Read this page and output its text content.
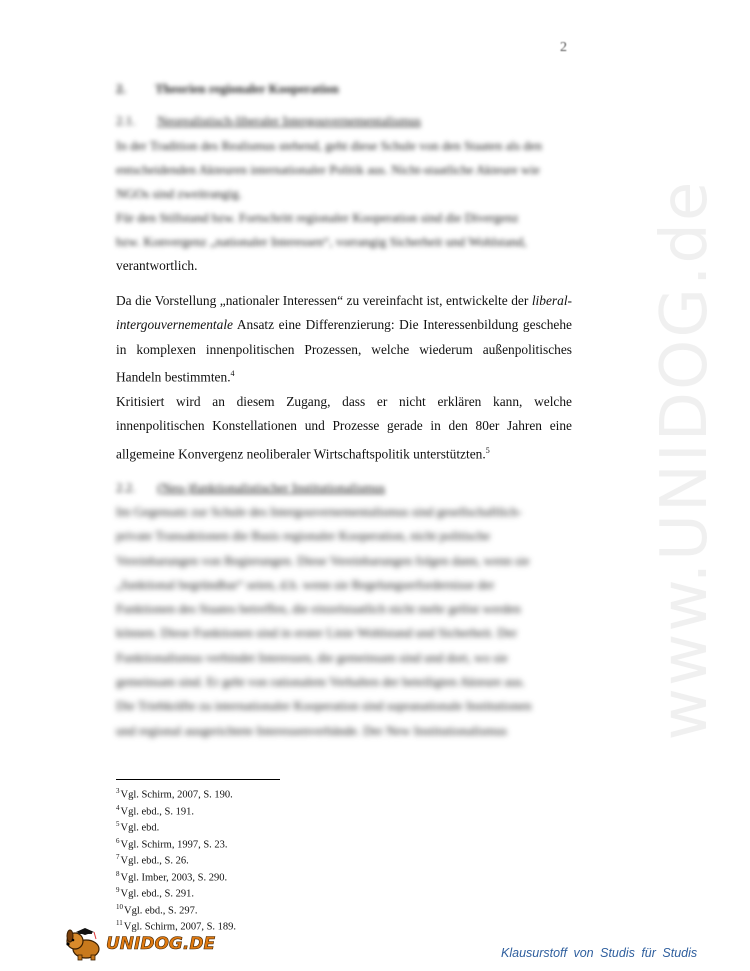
2
www.UNIDOG.de
2. Theorien regionaler Kooperation
2.1. Neorealistisch-liberaler Intergouvernementalismus

In der Tradition des Realismus stehend, geht diese Schule von den Staaten als den

entscheidenden Akteuren internationaler Politik aus. Nicht-staatliche Akteure wie

NGOs sind zweitrangig.

Für den Stillstand bzw. Fortschritt regionaler Kooperation sind die Divergenz

bzw. Konvergenz „nationaler Interessen“, vorrangig Sicherheit und Wohlstand,

verantwortlich.

Da die Vorstellung „nationaler Interessen“ zu vereinfacht ist, entwickelte der liberal-intergouvernementale Ansatz eine Differenzierung: Die Interessenbildung geschehe in komplexen innenpolitischen Prozessen, welche wiederum außenpolitisches Handeln bestimmten.$^4$

Kritisiert wird an diesem Zugang, dass er nicht erklären kann, welche innenpolitischen Konstellationen und Prozesse gerade in den 80er Jahren eine allgemeine Konvergenz neoliberaler Wirtschaftspolitik unterstützten.$^5$

2.2. (Neo-)funktionalistischer Institutionalismus

Im Gegensatz zur Schule des Intergouvernementalismus sind gesellschaftlich-

private Transaktionen die Basis regionaler Kooperation, nicht politische

Vereinbarungen von Regierungen. Diese Vereinbarungen folgen dann, wenn sie

„funktional begründbar“ seien, d.h. wenn sie Regelungserfordernisse der

Funktionen des Staates betreffen, die einzelstaatlich nicht mehr gelöst werden

können. Diese Funktionen sind in erster Linie Wohlstand und Sicherheit. Der

Funktionalismus verbindet Interessen, die gemeinsam sind und dort, wo sie

gemeinsam sind. Er geht von rationalem Verhalten der beteiligten Akteure aus.

Die Triebkräfte zu internationaler Kooperation sind supranationale Institutionen

und regional ausgerichtete Interessenverbände. Der New Institutionalismus

$^3$Vgl. Schirm, 2007, S. 190.
$^4$Vgl. ebd., S. 191.
$^5$Vgl. ebd.
$^6$Vgl. Schirm, 1997, S. 23.
$^7$Vgl. ebd., S. 26.
$^8$Vgl. Imber, 2003, S. 290.
$^9$Vgl. ebd., S. 291.
$^{10}$Vgl. ebd., S. 297.
$^{11}$Vgl. Schirm, 2007, S. 189.
UNIDOG.DE	Klausurstoff von Studis für Studis
